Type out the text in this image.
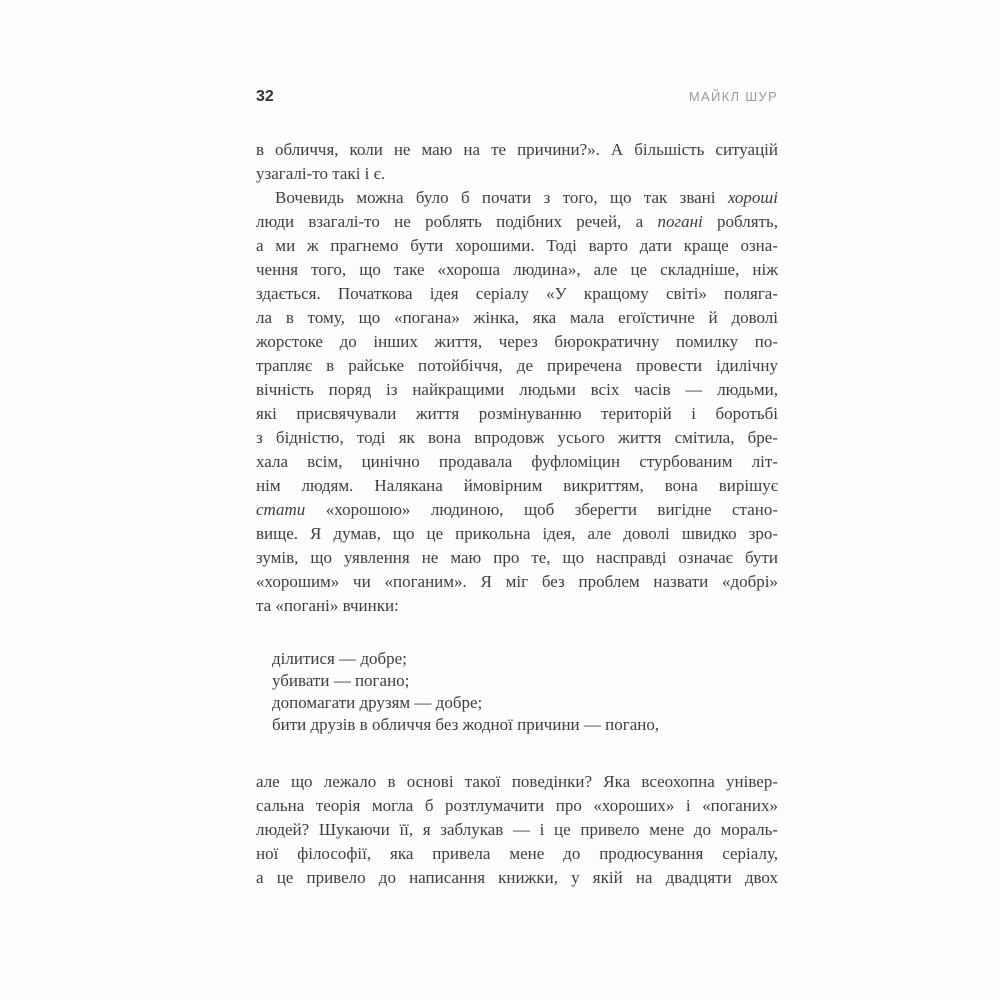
32	МАЙКЛ ШУР
в обличчя, коли не маю на те причини?». А більшість ситуацій
узагалі-то такі і є.
Вочевидь можна було б почати з того, що так звані хороші
люди взагалі-то не роблять подібних речей, а погані роблять,
а ми ж прагнемо бути хорошими. Тоді варто дати краще озна-
чення того, що таке «хороша людина», але це складніше, ніж
здається. Початкова ідея серіалу «У кращому світі» поляга-
ла в тому, що «погана» жінка, яка мала егоїстичне й доволі
жорстоке до інших життя, через бюрократичну помилку по-
трапляє в райське потойбіччя, де приречена провести ідилічну
вічність поряд із найкращими людьми всіх часів — людьми,
які присвячували життя розмінуванню територій і боротьбі
з бідністю, тоді як вона впродовж усього життя смітила, бре-
хала всім, цинічно продавала фуфломіцин стурбованим літ-
нім людям. Налякана ймовірним викриттям, вона вирішує
стати «хорошою» людиною, щоб зберегти вигідне стано-
вище. Я думав, що це прикольна ідея, але доволі швидко зро-
зумів, що уявлення не маю про те, що насправді означає бути
«хорошим» чи «поганим». Я міг без проблем назвати «добрі»
та «погані» вчинки:
ділитися — добре;
убивати — погано;
допомагати друзям — добре;
бити друзів в обличчя без жодної причини — погано,
але що лежало в основі такої поведінки? Яка всеохопна універ-
сальна теорія могла б розтлумачити про «хороших» і «поганих»
людей? Шукаючи її, я заблукав — і це привело мене до мораль-
ної філософії, яка привела мене до продюсування серіалу,
а це привело до написання книжки, у якій на двадцяти двох
